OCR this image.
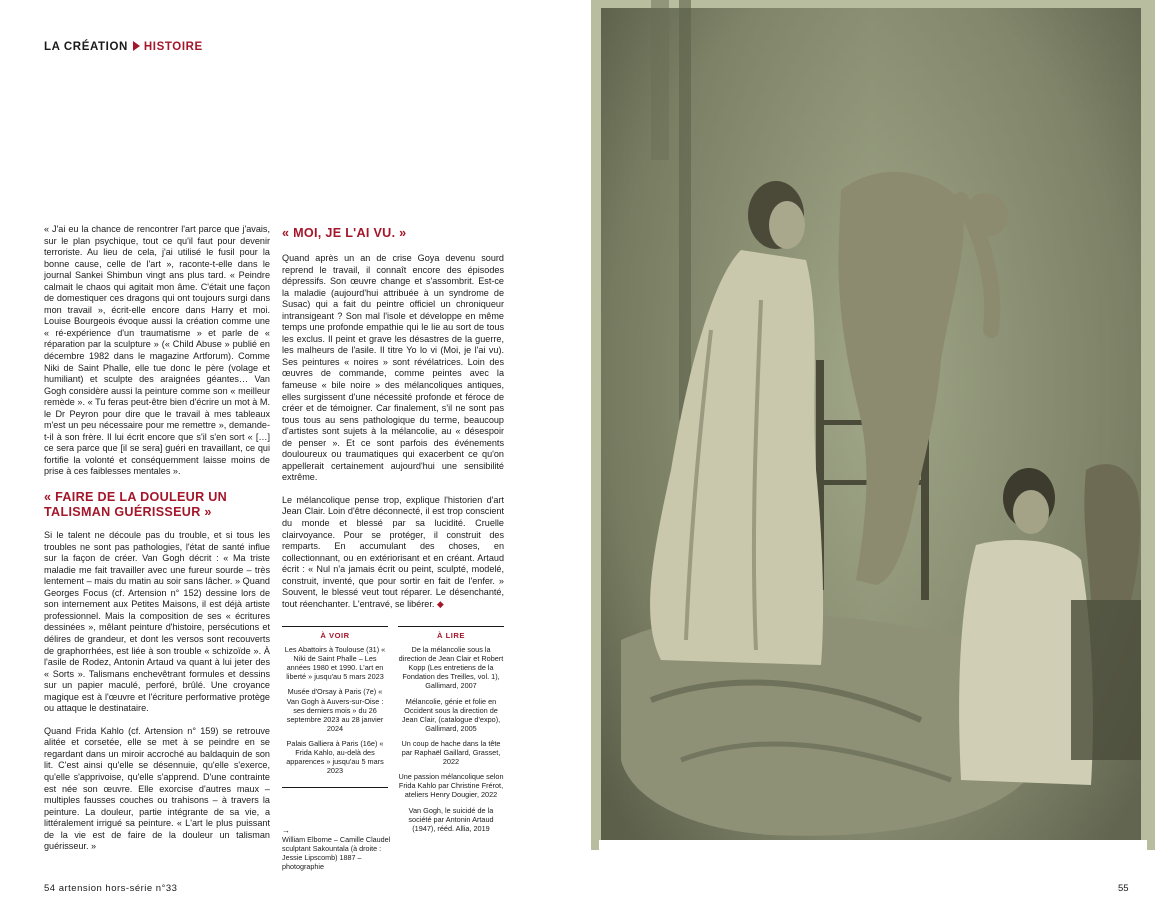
LA CRÉATION HISTOIRE

« J'ai eu la chance de rencontrer l'art parce que j'avais, sur le plan psychique, tout ce qu'il faut pour devenir terroriste. Au lieu de cela, j'ai utilisé le fusil pour la bonne cause, celle de l'art », raconte-t-elle dans le journal Sankei Shimbun vingt ans plus tard. « Peindre calmait le chaos qui agitait mon âme. C'était une façon de domestiquer ces dragons qui ont toujours surgi dans mon travail », écrit-elle encore dans Harry et moi. Louise Bourgeois évoque aussi la création comme une « ré-expérience d'un traumatisme » et parle de « réparation par la sculpture » (« Child Abuse » publié en décembre 1982 dans le magazine Artforum). Comme Niki de Saint Phalle, elle tue donc le père (volage et humiliant) et sculpte des araignées géantes… Van Gogh considère aussi la peinture comme son « meilleur remède ». « Tu feras peut-être bien d'écrire un mot à M. le Dr Peyron pour dire que le travail à mes tableaux m'est un peu nécessaire pour me remettre », demande-t-il à son frère. Il lui écrit encore que s'il s'en sort « […] ce sera parce que [il se sera] guéri en travaillant, ce qui fortifie la volonté et conséquemment laisse moins de prise à ces faiblesses mentales ».

« FAIRE DE LA DOULEUR UN TALISMAN GUÉRISSEUR »

Si le talent ne découle pas du trouble, et si tous les troubles ne sont pas pathologies, l'état de santé influe sur la façon de créer. Van Gogh décrit : « Ma triste maladie me fait travailler avec une fureur sourde – très lentement – mais du matin au soir sans lâcher. » Quand Georges Focus (cf. Artension n° 152) dessine lors de son internement aux Petites Maisons, il est déjà artiste professionnel. Mais la composition de ses « écritures dessinées », mêlant peinture d'histoire, persécutions et délires de grandeur, et dont les versos sont recouverts de graphorrhées, est liée à son trouble « schizoïde ». À l'asile de Rodez, Antonin Artaud va quant à lui jeter des « Sorts ». Talismans enchevêtrant formules et dessins sur un papier maculé, perforé, brûlé. Une croyance magique est à l'œuvre et l'écriture performative protège ou attaque le destinataire.

Quand Frida Kahlo (cf. Artension n° 159) se retrouve alitée et corsetée, elle se met à se peindre en se regardant dans un miroir accroché au baldaquin de son lit. C'est ainsi qu'elle se désennuie, qu'elle s'exerce, qu'elle s'apprivoise, qu'elle s'apprend. D'une contrainte est née son œuvre. Elle exorcise d'autres maux – multiples fausses couches ou trahisons – à travers la peinture. La douleur, partie intégrante de sa vie, a littéralement irrigué sa peinture. « L'art le plus puissant de la vie est de faire de la douleur un talisman guérisseur. »

« MOI, JE L'AI VU. »

Quand après un an de crise Goya devenu sourd reprend le travail, il connaît encore des épisodes dépressifs. Son œuvre change et s'assombrit. Est-ce la maladie (aujourd'hui attribuée à un syndrome de Susac) qui a fait du peintre officiel un chroniqueur intransigeant ? Son mal l'isole et développe en même temps une profonde empathie qui le lie au sort de tous les exclus. Il peint et grave les désastres de la guerre, les malheurs de l'asile. Il titre Yo lo vi (Moi, je l'ai vu). Ses peintures « noires » sont révélatrices. Loin des œuvres de commande, comme peintes avec la fameuse « bile noire » des mélancoliques antiques, elles surgissent d'une nécessité profonde et féroce de créer et de témoigner. Car finalement, s'il ne sont pas tous tous au sens pathologique du terme, beaucoup d'artistes sont sujets à la mélancolie, au « désespoir de penser ». Et ce sont parfois des événements douloureux ou traumatiques qui exacerbent ce qu'on appellerait certainement aujourd'hui une sensibilité extrême.

Le mélancolique pense trop, explique l'historien d'art Jean Clair. Loin d'être déconnecté, il est trop conscient du monde et blessé par sa lucidité. Cruelle clairvoyance. Pour se protéger, il construit des remparts. En accumulant des choses, en collectionnant, ou en extériorisant et en créant. Artaud écrit : « Nul n'a jamais écrit ou peint, sculpté, modelé, construit, inventé, que pour sortir en fait de l'enfer. » Souvent, le blessé veut tout réparer. Le désenchanté, tout réenchanter. L'entravé, se libérer. ◆

À VOIR
Les Abattoirs à Toulouse (31) « Niki de Saint Phalle – Les années 1980 et 1990. L'art en liberté » jusqu'au 5 mars 2023
Musée d'Orsay à Paris (7e) « Van Gogh à Auvers-sur-Oise : ses derniers mois » du 26 septembre 2023 au 28 janvier 2024
Palais Galliera à Paris (16e) « Frida Kahlo, au-delà des apparences » jusqu'au 5 mars 2023
À LIRE
De la mélancolie sous la direction de Jean Clair et Robert Kopp (Les entretiens de la Fondation des Treilles, vol. 1), Gallimard, 2007
Mélancolie, génie et folie en Occident sous la direction de Jean Clair, (catalogue d'expo), Gallimard, 2005
Un coup de hache dans la tête par Raphaël Gaillard, Grasset, 2022
Une passion mélancolique selon Frida Kahlo par Christine Frérot, ateliers Henry Dougier, 2022
Van Gogh, le suicidé de la société par Antonin Artaud (1947), rééd. Allia, 2019
→
William Elborne – Camille Claudel sculptant Sakountala (à droite : Jessie Lipscomb) 1887 – photographie
54 artension hors-série n°33	55
